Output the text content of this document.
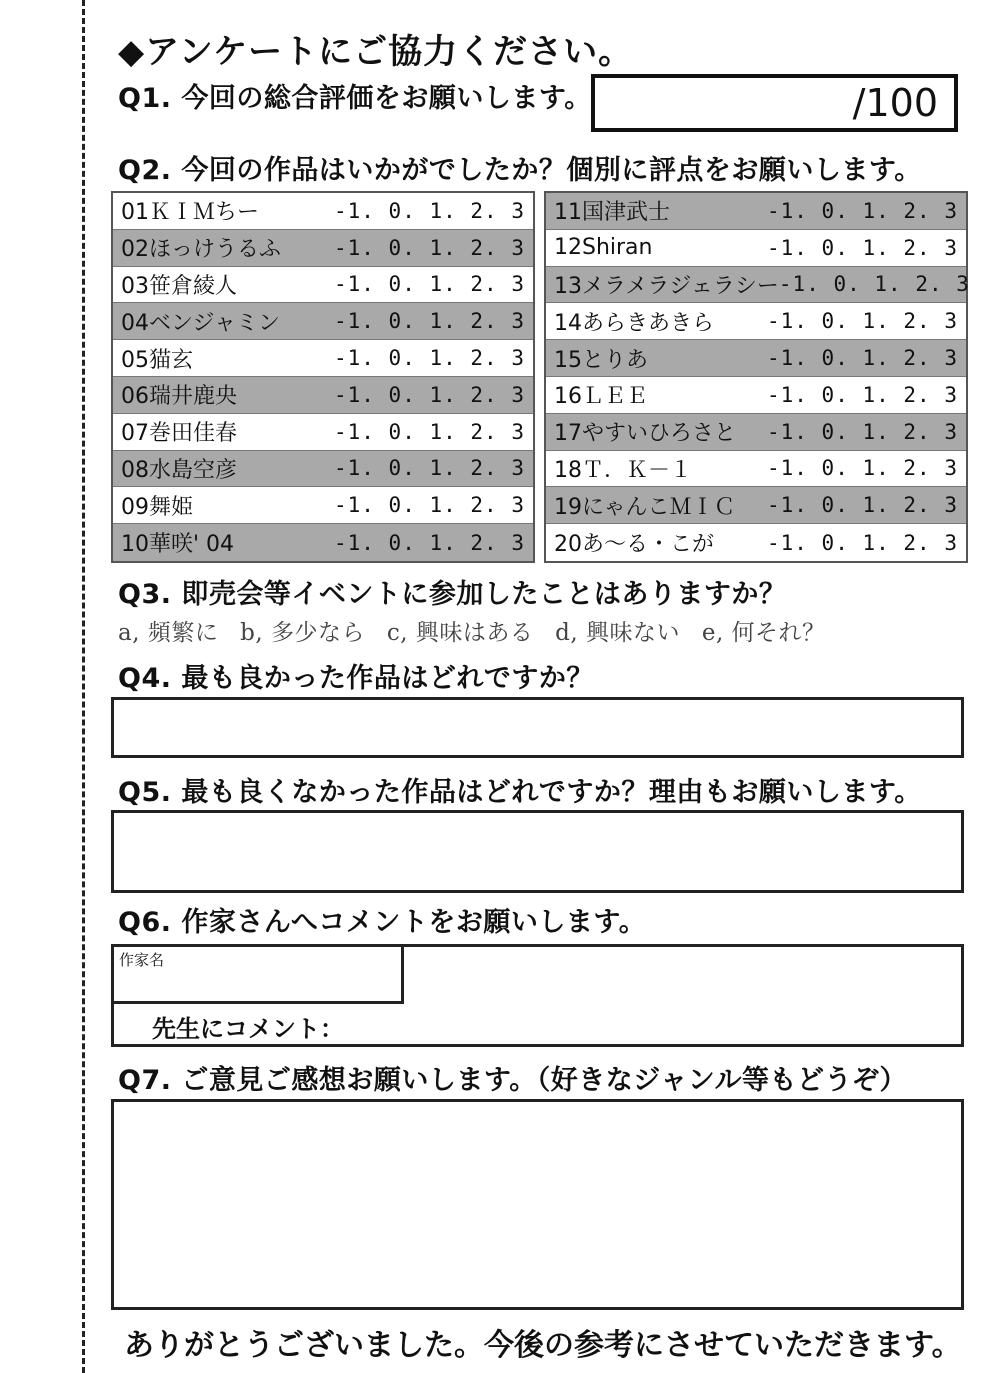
◆アンケートにご協力ください。
Q1. 今回の総合評価をお願いします。	/100
Q2. 今回の作品はいかがでしたか？個別に評点をお願いします。
01ＫＩＭちー	-1. 0. 1. 2. 3
02ほっけうるふ	-1. 0. 1. 2. 3
03笹倉綾人	-1. 0. 1. 2. 3
04ベンジャミン	-1. 0. 1. 2. 3
05猫玄	-1. 0. 1. 2. 3
06瑞井鹿央	-1. 0. 1. 2. 3
07巻田佳春	-1. 0. 1. 2. 3
08水島空彦	-1. 0. 1. 2. 3
09舞姫	-1. 0. 1. 2. 3
10華咲' 04	-1. 0. 1. 2. 3
11国津武士	-1. 0. 1. 2. 3
12Shiran	-1. 0. 1. 2. 3
13メラメラジェラシー -1. 0. 1. 2. 3
14あらきあきら	-1. 0. 1. 2. 3
15とりあ	-1. 0. 1. 2. 3
16ＬＥＥ	-1. 0. 1. 2. 3
17やすいひろさと -1. 0. 1. 2. 3
18Ｔ．Ｋ－１	-1. 0. 1. 2. 3
19にゃんこＭＩＣ -1. 0. 1. 2. 3
20あ～る・こが	-1. 0. 1. 2. 3
Q3. 即売会等イベントに参加したことはありますか？
a, 頻繁に b, 多少なら c, 興味はある d, 興味ない e, 何それ？
Q4. 最も良かった作品はどれですか？
Q5. 最も良くなかった作品はどれですか？理由もお願いします。
Q6. 作家さんへコメントをお願いします。
作家名
先生にコメント：
Q7. ご意見ご感想お願いします。（好きなジャンル等もどうぞ）
ありがとうございました。今後の参考にさせていただきます。
